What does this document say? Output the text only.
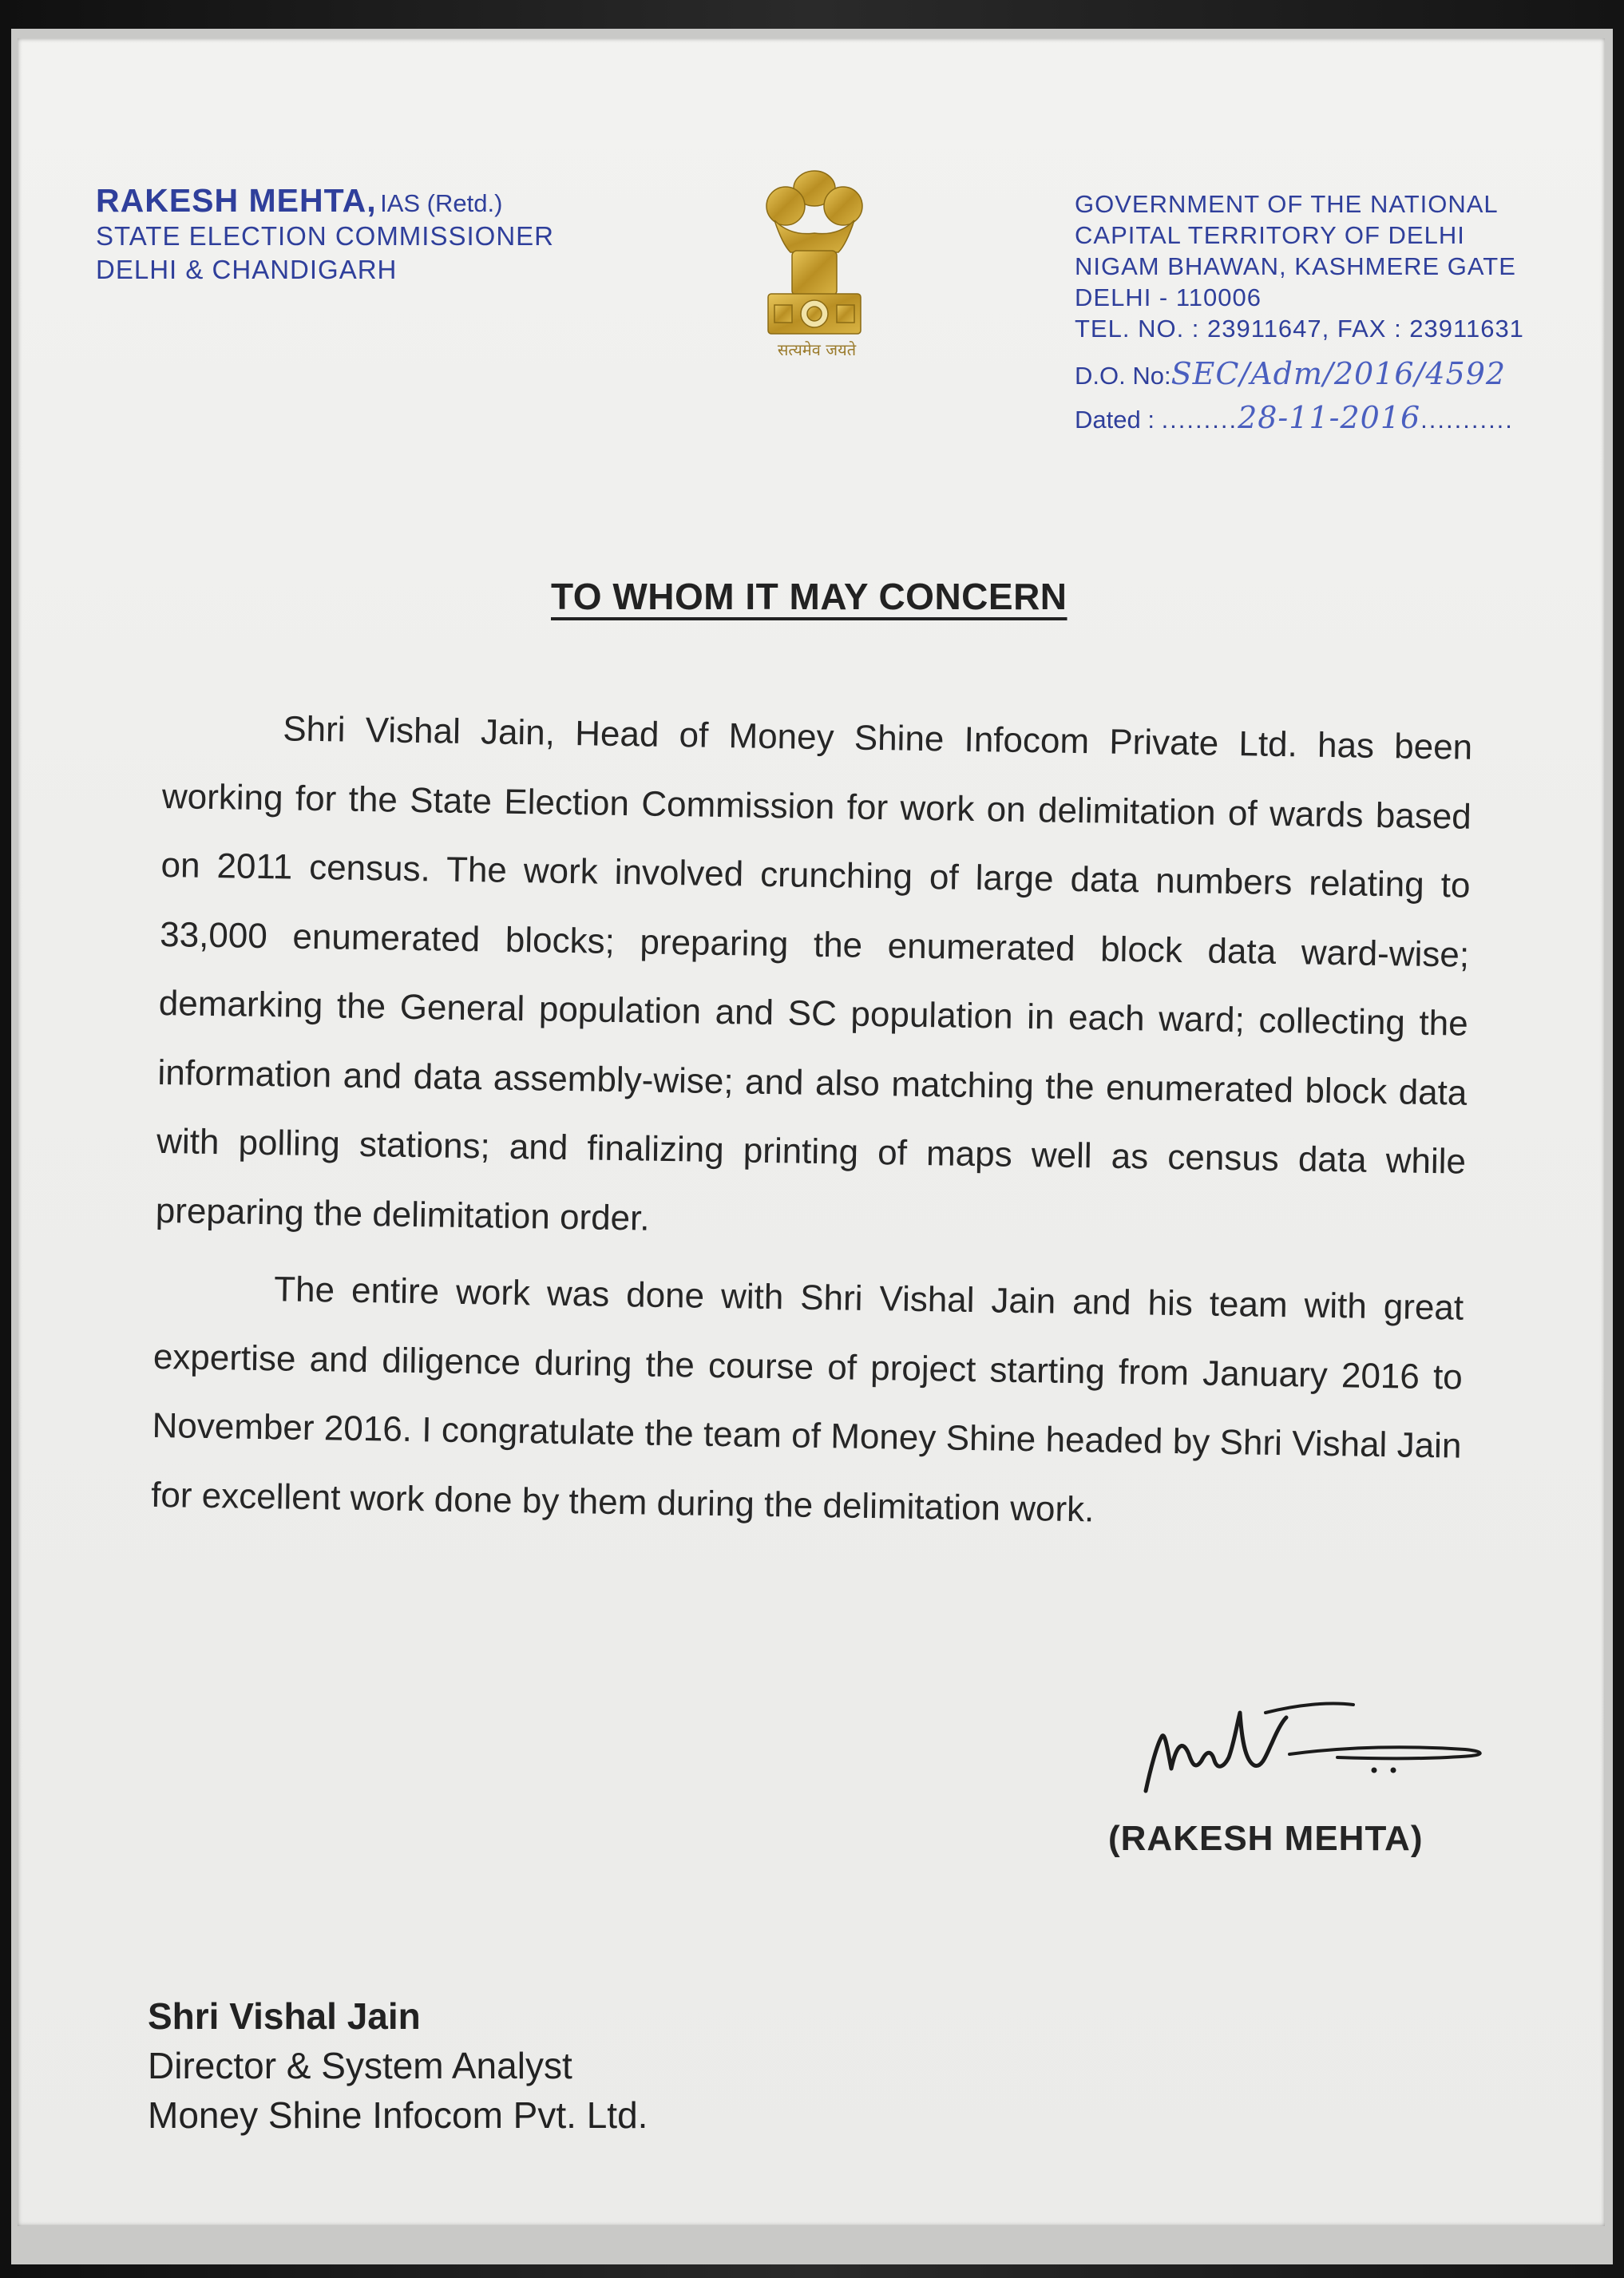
RAKESH MEHTA, IAS (Retd.)
STATE ELECTION COMMISSIONER
DELHI & CHANDIGARH
सत्यमेव जयते
GOVERNMENT OF THE NATIONAL
CAPITAL TERRITORY OF DELHI
NIGAM BHAWAN, KASHMERE GATE
DELHI - 110006
TEL. NO. : 23911647, FAX : 23911631
D.O. No:SEC/Adm/2016/4592
Dated : .........28-11-2016...........
TO WHOM IT MAY CONCERN

Shri Vishal Jain, Head of Money Shine Infocom Private Ltd. has been working for the State Election Commission for work on delimitation of wards based on 2011 census. The work involved crunching of large data numbers relating to 33,000 enumerated blocks; preparing the enumerated block data ward-wise; demarking the General population and SC population in each ward; collecting the information and data assembly-wise; and also matching the enumerated block data with polling stations; and finalizing printing of maps well as census data while preparing the delimitation order.

The entire work was done with Shri Vishal Jain and his team with great expertise and diligence during the course of project starting from January 2016 to November 2016. I congratulate the team of Money Shine headed by Shri Vishal Jain for excellent work done by them during the delimitation work.

(RAKESH MEHTA)
Shri Vishal Jain
Director & System Analyst
Money Shine Infocom Pvt. Ltd.
